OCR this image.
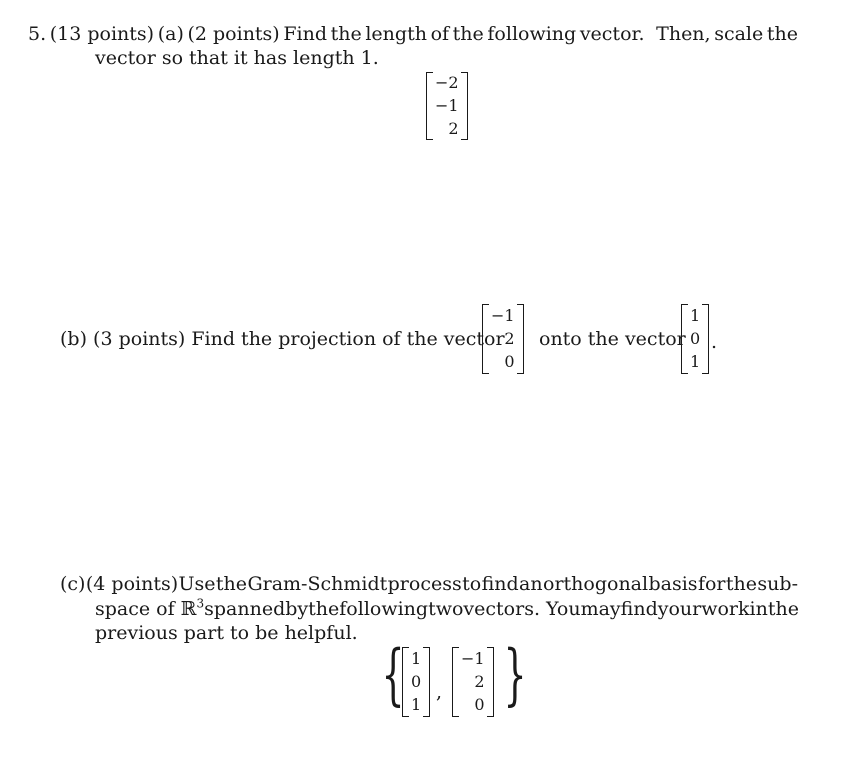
5. (13 points) (a) (2 points) Find the length of the following vector. Then, scale the
vector so that it has length 1.
−2
−1
2
(b) (3 points) Find the projection of the vector
−1
2
0
onto the vector
1
0
1
.
(c) (4 points) Use the Gram-Schmidt process to find an orthogonal basis for the sub-
space of ℝ$^3$ spanned by the following two vectors. You may find your work in the
previous part to be helpful.
{ 1
0
1
,
−1
2
0 }
